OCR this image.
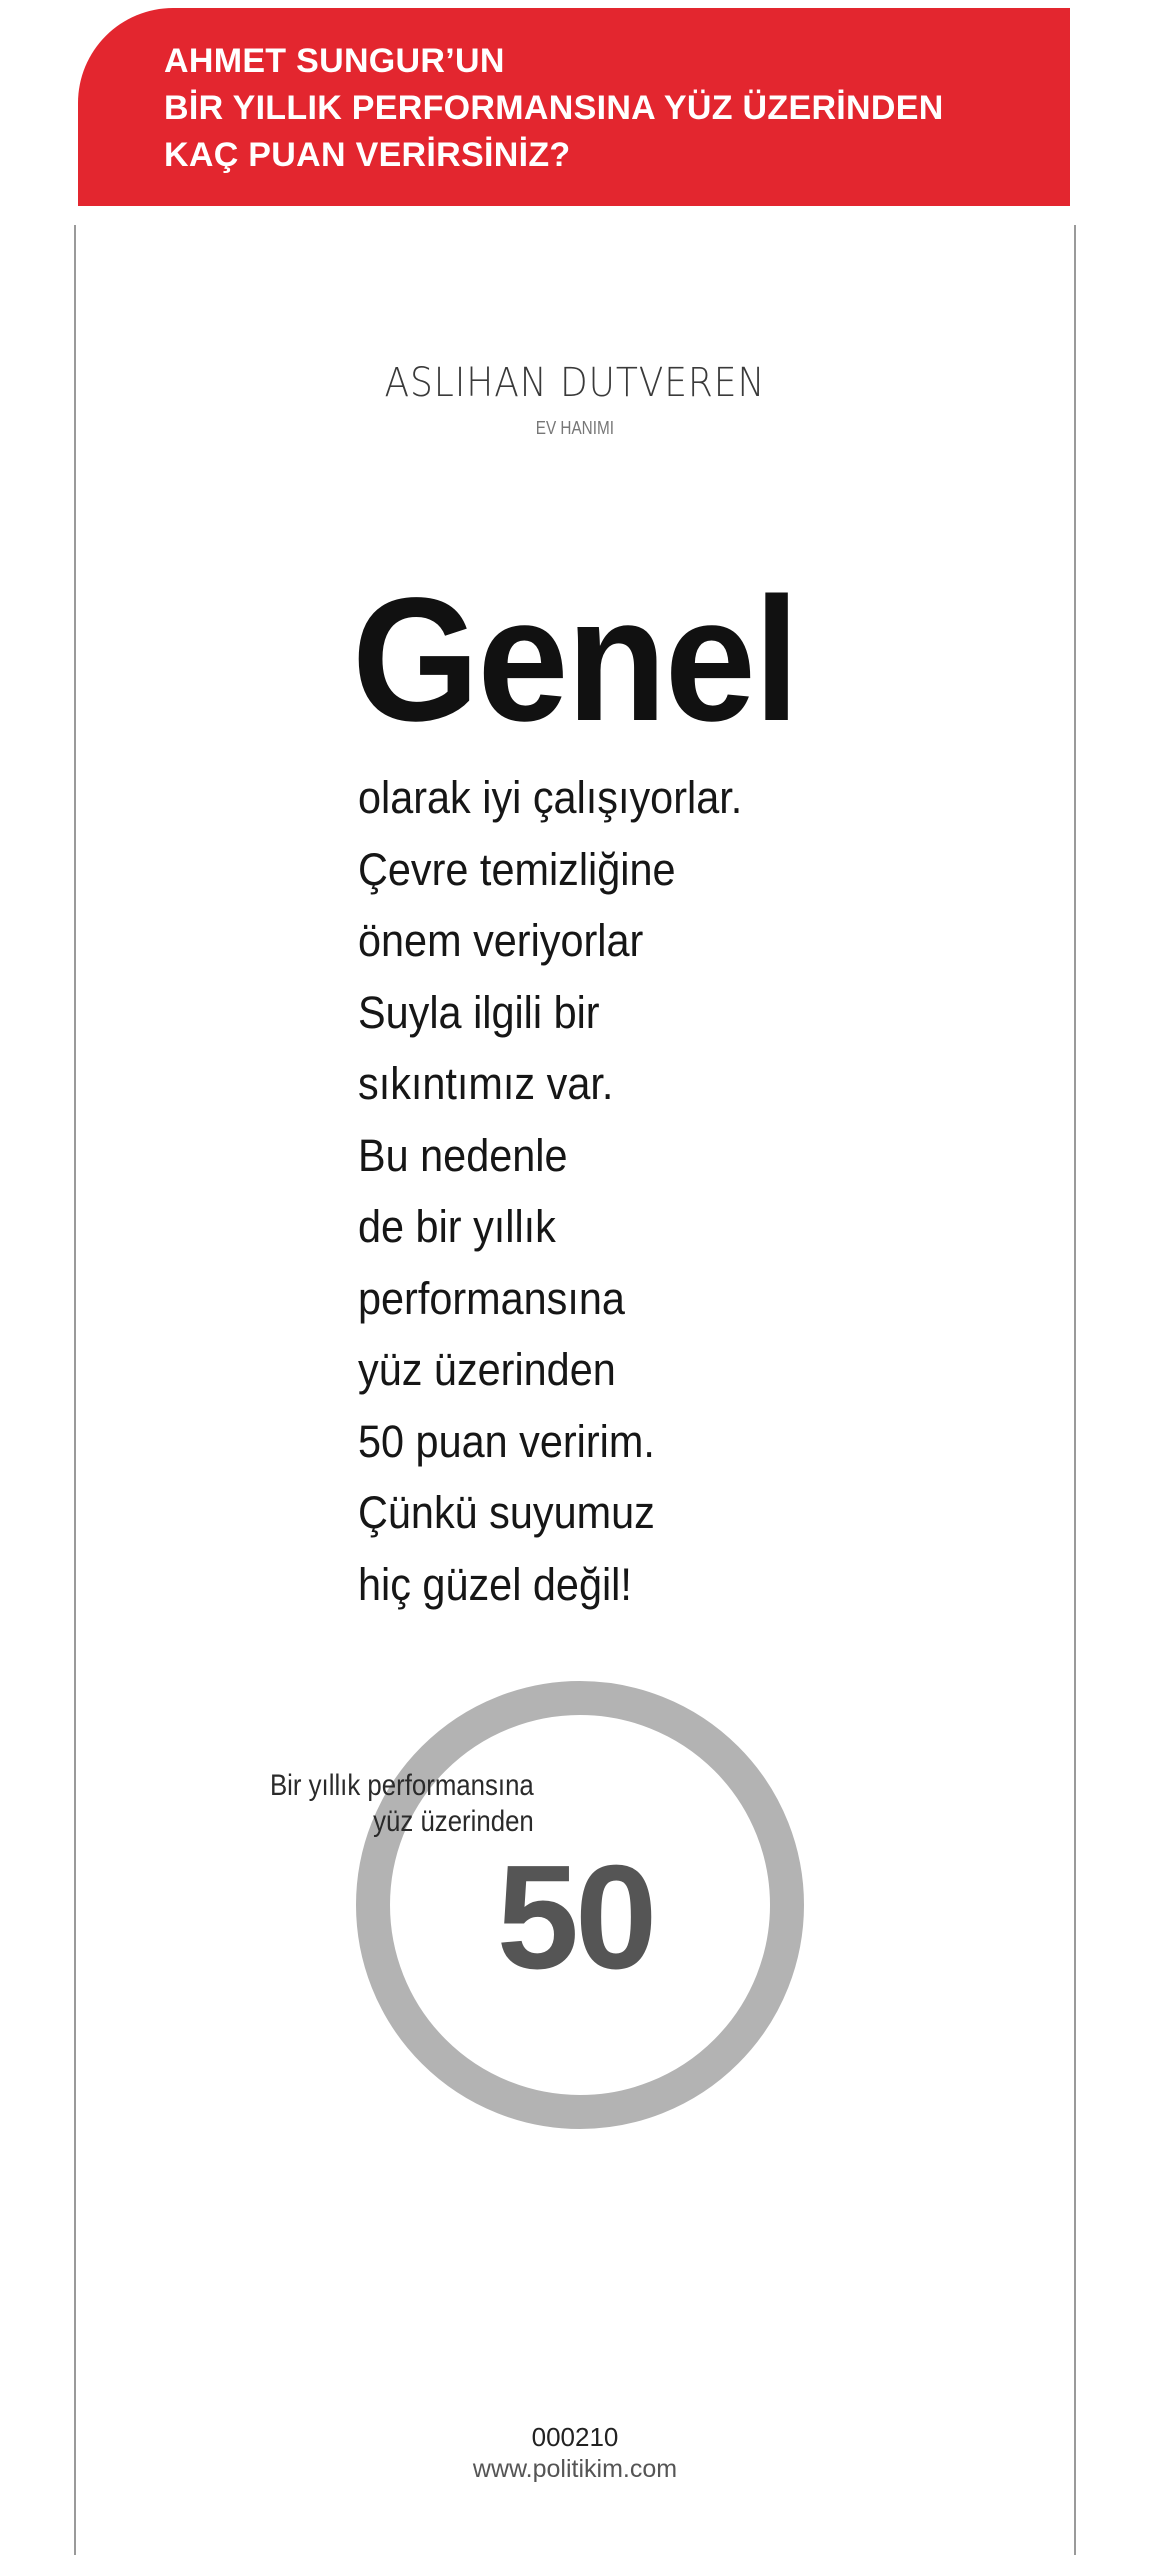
AHMET SUNGUR’UN
BİR YILLIK PERFORMANSINA YÜZ ÜZERİNDEN
KAÇ PUAN VERİRSİNİZ?
ASLIHAN DUTVEREN
EV HANIMI
Genel
olarak iyi çalışıyorlar.
Çevre temizliğine
önem veriyorlar
Suyla ilgili bir
sıkıntımız var.
Bu nedenle
de bir yıllık
performansına
yüz üzerinden
50 puan veririm.
Çünkü suyumuz
hiç güzel değil!
Bir yıllık performansına
yüz üzerinden
50
000210
www.politikim.com
